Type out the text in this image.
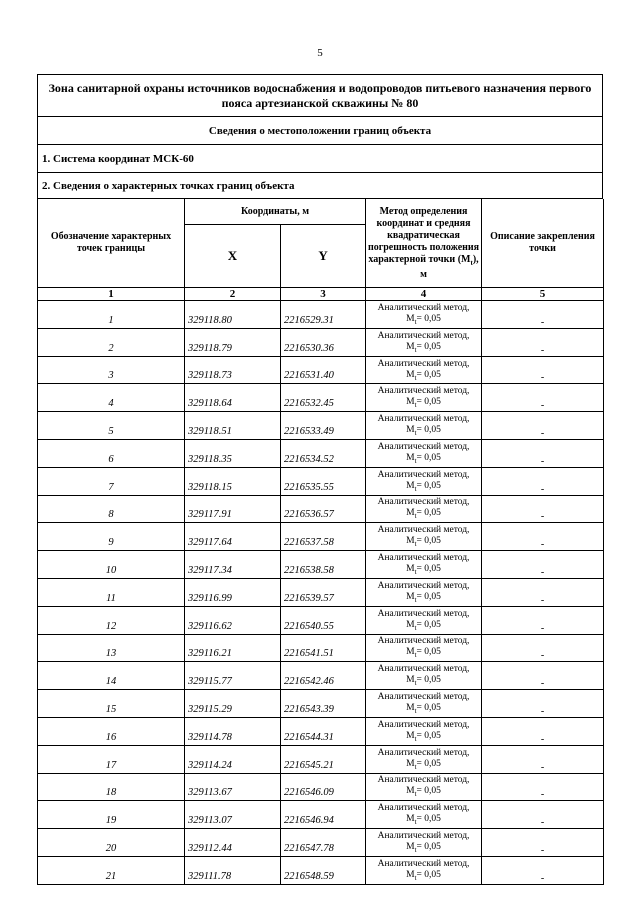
5
Зона санитарной охраны источников водоснабжения и водопроводов питьевого назначения первого пояса артезианской скважины № 80
Сведения о местоположении границ объекта
1. Система координат МСК-60
2. Сведения о характерных точках границ объекта
Обозначение характерных точек границы	Координаты, м		Метод определения координат и средняя квадратическая погрешность положения характерной точки $(M_t)$, м	Описание закрепления точки
	X	Y		
1	2	3	4	5
1	329118.80	2216529.31	Аналитический метод,
$M_t= 0,05$	-
2	329118.79	2216530.36	Аналитический метод,
$M_t= 0,05$	-
3	329118.73	2216531.40	Аналитический метод,
$M_t= 0,05$	-
4	329118.64	2216532.45	Аналитический метод,
$M_t= 0,05$	-
5	329118.51	2216533.49	Аналитический метод,
$M_t= 0,05$	-
6	329118.35	2216534.52	Аналитический метод,
$M_t= 0,05$	-
7	329118.15	2216535.55	Аналитический метод,
$M_t= 0,05$	-
8	329117.91	2216536.57	Аналитический метод,
$M_t= 0,05$	-
9	329117.64	2216537.58	Аналитический метод,
$M_t= 0,05$	-
10	329117.34	2216538.58	Аналитический метод,
$M_t= 0,05$	-
11	329116.99	2216539.57	Аналитический метод,
$M_t= 0,05$	-
12	329116.62	2216540.55	Аналитический метод,
$M_t= 0,05$	-
13	329116.21	2216541.51	Аналитический метод,
$M_t= 0,05$	-
14	329115.77	2216542.46	Аналитический метод,
$M_t= 0,05$	-
15	329115.29	2216543.39	Аналитический метод,
$M_t= 0,05$	-
16	329114.78	2216544.31	Аналитический метод,
$M_t= 0,05$	-
17	329114.24	2216545.21	Аналитический метод,
$M_t= 0,05$	-
18	329113.67	2216546.09	Аналитический метод,
$M_t= 0,05$	-
19	329113.07	2216546.94	Аналитический метод,
$M_t= 0,05$	-
20	329112.44	2216547.78	Аналитический метод,
$M_t= 0,05$	-
21	329111.78	2216548.59	Аналитический метод,
$M_t= 0,05$	-
